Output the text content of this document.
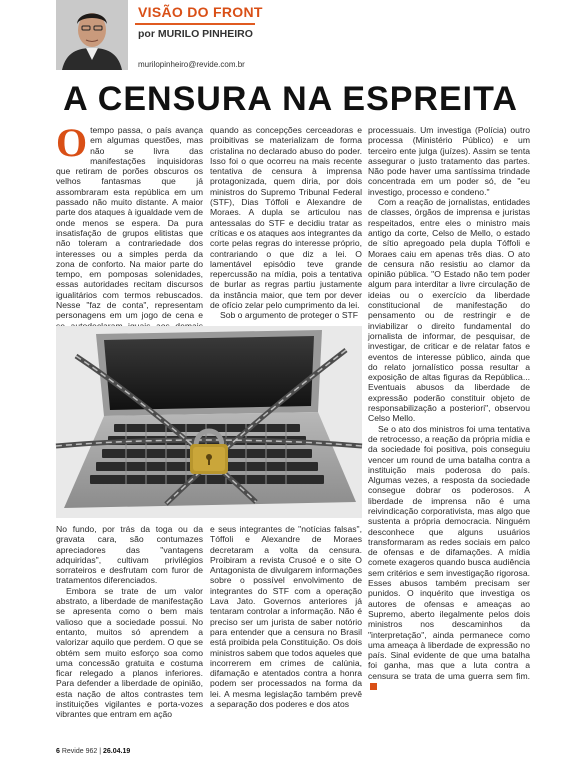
VISÃO DO FRONT
por MURILO PINHEIRO
murilopinheiro@revide.com.br
A CENSURA NA ESPREITA

Otempo passa, o país avança em algumas questões, mas não se livra das manifestações inquisidoras que retiram de porões obscuros os velhos fantasmas que já assombraram esta república em um passado não muito distante. A maior parte dos ataques à igualdade vem de onde menos se espera. Da pura insatisfação de grupos elitistas que não toleram a contrariedade dos interesses ou a simples perda da zona de conforto. Na maior parte do tempo, em pomposas solenidades, essas autoridades recitam discursos igualitários com termos rebuscados. Nesse "faz de conta", representam personagens em um jogo de cena e

quando as concepções cerceadoras e proibitivas se materializam de forma cristalina no declarado abuso do poder. Isso foi o que ocorreu na mais recente tentativa de censura à imprensa protagonizada, quem diria, por dois ministros do Supremo Tribunal Federal (STF), Dias Tóffoli e Alexandre de Moraes. A dupla se articulou nas antessalas do STF e decidiu tratar as críticas e os ataques aos integrantes da corte pelas regras do interesse próprio, contrariando o que diz a lei. O lamentável episódio teve grande repercussão na mídia, pois a tentativa de burlar as regras partiu justamente da instância maior, que tem por dever de ofício zelar pelo cumprimento da lei.

Sob o argumento de proteger o STF

processuais. Um investiga (Polícia) outro processa (Ministério Público) e um terceiro ente julga (juízes). Assim se tenta assegurar o justo tratamento das partes. Não pode haver uma santíssima trindade concentrada em um poder só, de "eu investigo, processo e condeno."

Com a reação de jornalistas, entidades de classes, órgãos de imprensa e juristas respeitados, entre eles o ministro mais antigo da corte, Celso de Mello, o estado de sítio apregoado pela dupla Tóffoli e Moraes caiu em apenas três dias. O ato de censura não resistiu ao clamor da opinião pública. "O Estado não tem poder algum para interditar a livre circulação de ideias ou o exercício da liberdade constitucional de manifestação do pensamento ou de restringir e de inviabilizar o direito fundamental do jornalista de informar, de pesquisar, de investigar, de criticar e de relatar fatos e eventos de interesse público, ainda que do relato jornalístico possa resultar a exposição de altas figuras da República... Eventuais abusos da liberdade de expressão poderão constituir objeto de responsabilização a posteriori", observou Celso Mello.

Se o ato dos ministros foi uma tentativa de retrocesso, a reação da própria mídia e da sociedade foi positiva, pois conseguiu vencer um round de uma batalha contra a instituição mais poderosa do país. Algumas vezes, a resposta da sociedade consegue dobrar os poderosos. A liberdade de imprensa não é uma reivindicação corporativista, mas algo que sustenta a própria democracia. Ninguém desconhece que alguns usuários transformaram as redes sociais em palco de ofensas e de difamações. A mídia comete exageros quando busca audiência sem critérios e sem investigação rigorosa. Esses abusos também precisam ser punidos. O inquérito que investiga os autores de ofensas e ameaças ao Supremo, aberto ilegalmente pelos dois ministros nos descaminhos da "interpretação", ainda permanece como uma ameaça à liberdade de expressão no país. Sinal evidente de que uma batalha foi ganha, mas que a luta contra a censura se trata de uma guerra sem fim.

No fundo, por trás da toga ou da gravata cara, são contumazes apreciadores das "vantagens adquiridas", cultivam privilégios sorrateiros e desfrutam com furor de tratamentos diferenciados.

Embora se trate de um valor abstrato, a liberdade de manifestação se apresenta como o bem mais valioso que a sociedade possui. No entanto, muitos só aprendem a valorizar aquilo que perdem. O que se obtém sem muito esforço soa como uma concessão gratuita e costuma ficar relegado a planos inferiores. Para defender a liberdade de opinião, esta nação de altos contrastes tem instituições vigilantes e porta-vozes vibrantes que entram em ação

e seus integrantes de "notícias falsas", Tóffoli e Alexandre de Moraes decretaram a volta da censura. Proibiram a revista Crusoé e o site O Antagonista de divulgarem informações sobre o possível envolvimento de integrantes do STF com a operação Lava Jato. Governos anteriores já tentaram controlar a informação. Não é preciso ser um jurista de saber notório para entender que a censura no Brasil está proibida pela Constituição. Os dois ministros sabem que todos aqueles que incorrerem em crimes de calúnia, difamação e atentados contra a honra podem ser processados na forma da lei. A mesma legislação também prevê a separação dos poderes e dos atos

6 Revide 962 | 26.04.19
